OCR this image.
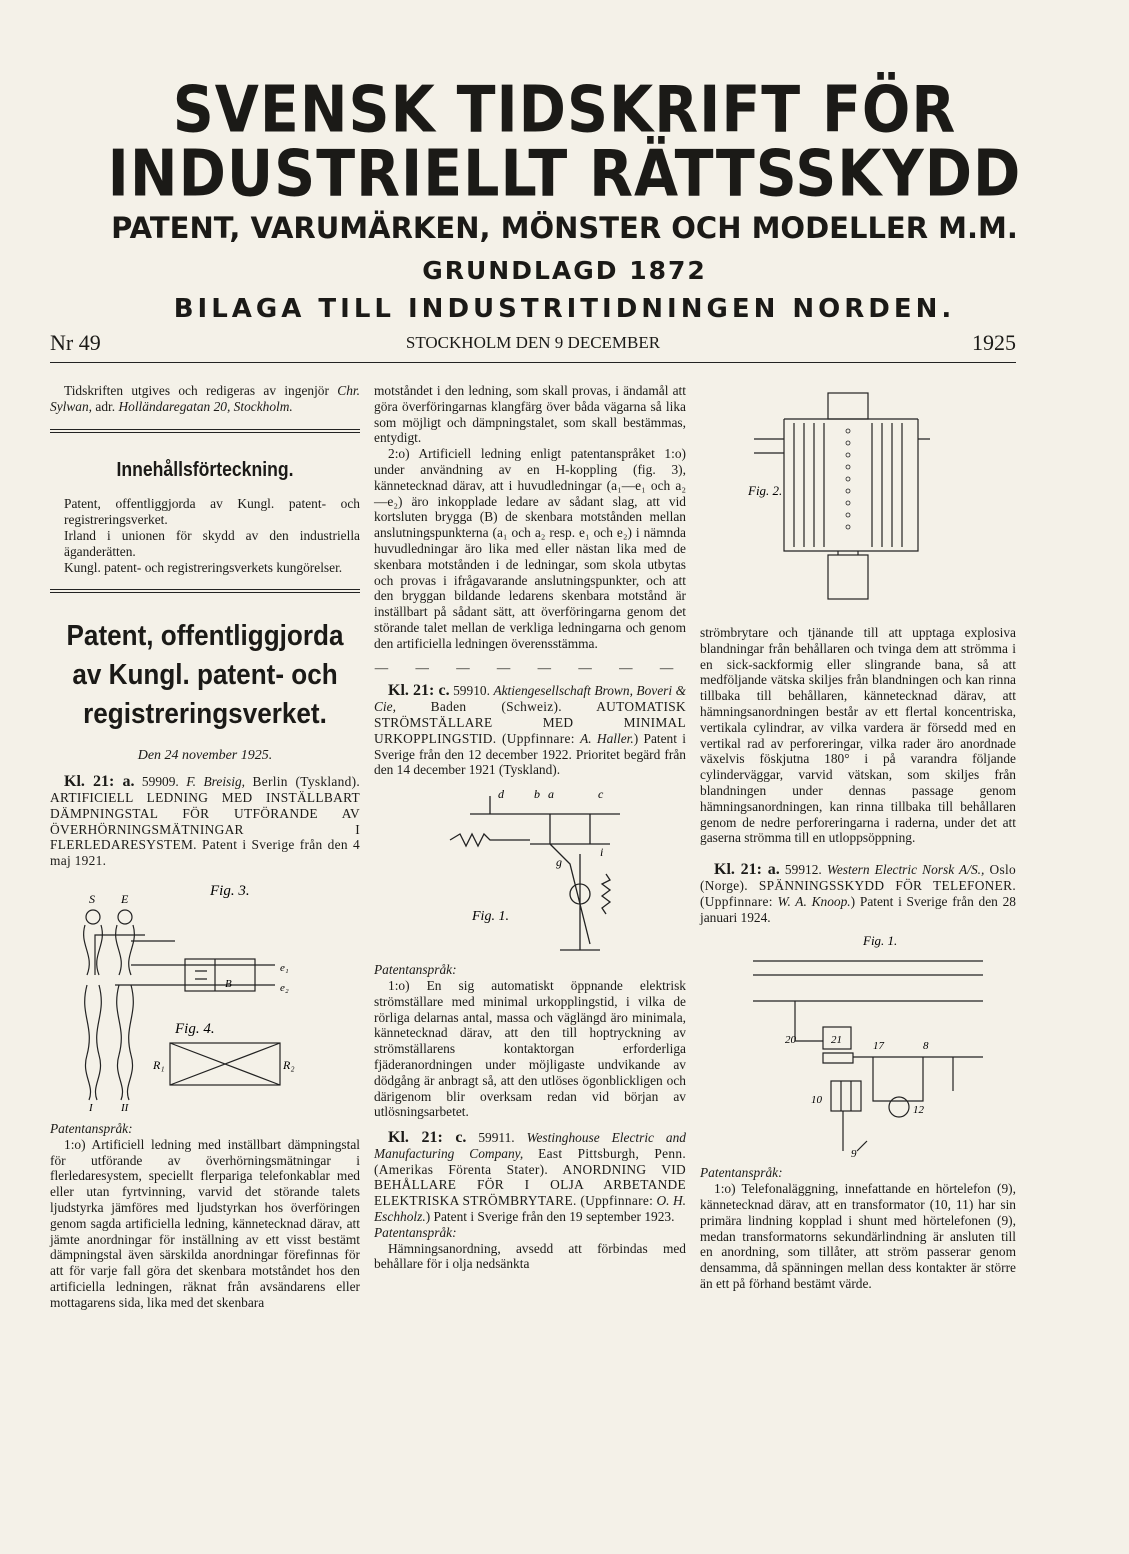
SVENSK TIDSKRIFT FÖR
INDUSTRIELLT RÄTTSSKYDD
PATENT, VARUMÄRKEN, MÖNSTER OCH MODELLER M.M.
GRUNDLAGD 1872
BILAGA TILL INDUSTRITIDNINGEN NORDEN.
Nr 49	STOCKHOLM DEN 9 DECEMBER	1925

Tidskriften utgives och redigeras av ingenjör Chr. Sylwan, adr. Holländaregatan 20, Stockholm.

Innehållsförteckning.

Patent, offentliggjorda av Kungl. patent- och registreringsverket.

Irland i unionen för skydd av den industriella äganderätten.

Kungl. patent- och registreringsverkets kungörelser.

Patent, offentliggjorda av Kungl. patent- och registreringsverket.
Den 24 november 1925.

Kl. 21: a. 59909. F. Breisig, Berlin (Tyskland). ARTIFICIELL LEDNING MED INSTÄLLBART DÄMPNINGSTAL FÖR UTFÖRANDE AV ÖVERHÖRNINGSMÄTNINGAR I FLERLEDARESYSTEM. Patent i Sverige från den 4 maj 1921.

Fig. 3.
S E
e₁
e₂
B
Fig. 4.
R₁	R₂
I	II

Patentanspråk:

1:o) Artificiell ledning med inställbart dämpningstal för utförande av överhörningsmätningar i flerledaresystem, speciellt flerpariga telefonkablar med eller utan fyrtvinning, varvid det störande talets ljudstyrka jämföres med ljudstyrkan hos överföringen genom sagda artificiella ledning, kännetecknad därav, att jämte anordningar för inställning av ett visst bestämt dämpningstal även särskilda anordningar förefinnas för att för varje fall göra det skenbara motståndet hos den artificiella ledningen, räknat från avsändarens eller mottagarens sida, lika med det skenbara

motståndet i den ledning, som skall provas, i ändamål att göra överföringarnas klangfärg över båda vägarna så lika som möjligt och dämpningstalet, som skall bestämmas, entydigt.

2:o) Artificiell ledning enligt patentanspråket 1:o) under användning av en H-koppling (fig. 3), kännetecknad därav, att i huvudledningar (a₁—e₁ och a₂—e₂) äro inkopplade ledare av sådant slag, att vid kortsluten brygga (B) de skenbara motstånden mellan anslutningspunkterna (a₁ och a₂ resp. e₁ och e₂) i nämnda huvudledningar äro lika med eller nästan lika med de skenbara motstånden i de ledningar, som skola utbytas och provas i ifrågavarande anslutningspunkter, och att den bryggan bildande ledarens skenbara motstånd är inställbart på sådant sätt, att överföringarna genom det störande talet mellan de verkliga ledningarna och genom den artificiella ledningen överensstämma.

— — — — — — — —

Kl. 21: c. 59910. Aktiengesellschaft Brown, Boveri & Cie,	Baden (Schweiz). AUTOMATISK STRÖMSTÄLLARE MED MINIMAL URKOPPLINGSTID. (Uppfinnare: A. Haller.) Patent i Sverige från den 12 december 1922. Prioritet begärd från den 14 december 1921 (Tyskland).

d	b a	c
g
i
Fig. 1.

Patentanspråk:

1:o) En sig automatiskt öppnande elektrisk strömställare med minimal urkopplingstid, i vilka de rörliga delarnas antal, massa och väglängd äro minimala, kännetecknad därav, att den till hoptryckning av strömställarens kontaktorgan erforderliga fjäderanordningen under möjligaste undvikande av dödgång är anbragt så, att den utlöses ögonblickligen och därigenom blir overksam redan vid början av utlösningsarbetet.

Kl. 21: c. 59911. Westinghouse Electric and Manufacturing Company, East Pittsburgh, Penn. (Amerikas Förenta Stater). ANORDNING VID BEHÅLLARE FÖR I OLJA ARBETANDE ELEKTRISKA STRÖMBRYTARE. (Uppfinnare: O. H. Eschholz.) Patent i Sverige från den 19 september 1923.

Patentanspråk:

Hämningsanordning, avsedd att förbindas med behållare för i olja nedsänkta

Fig. 2.

strömbrytare och tjänande till att upptaga explosiva blandningar från behållaren och tvinga dem att strömma i en sick-sackformig eller slingrande bana, så att medföljande vätska skiljes från blandningen och kan rinna tillbaka till behållaren, kännetecknad därav, att hämningsanordningen består av ett flertal koncentriska, vertikala cylindrar, av vilka vardera är försedd med en vertikal rad av perforeringar, vilka rader äro anordnade växelvis föskjutna 180° i på varandra följande cylinderväggar, varvid vätskan, som skiljes från blandningen under dennas passage genom hämningsanordningen, kan rinna tillbaka till behållaren genom de nedre perforeringarna i raderna, under det att gaserna strömma till en utloppsöppning.

Kl. 21: a. 59912. Western Electric Norsk A/S., Oslo (Norge). SPÄNNINGSSKYDD FÖR TELEFONER. (Uppfinnare: W. A. Knoop.) Patent i Sverige från den 28 januari 1924.

Fig. 1.
20	21	17	8
10
12
9

Patentanspråk:

1:o) Telefonaläggning, innefattande en hörtelefon (9), kännetecknad därav, att en transformator (10, 11) har sin primära lindning kopplad i shunt med hörtelefonen (9), medan transformatorns sekundärlindning är ansluten till en anordning, som tillåter, att ström passerar genom densamma, då spänningen mellan dess kontakter är större än ett på förhand bestämt värde.
